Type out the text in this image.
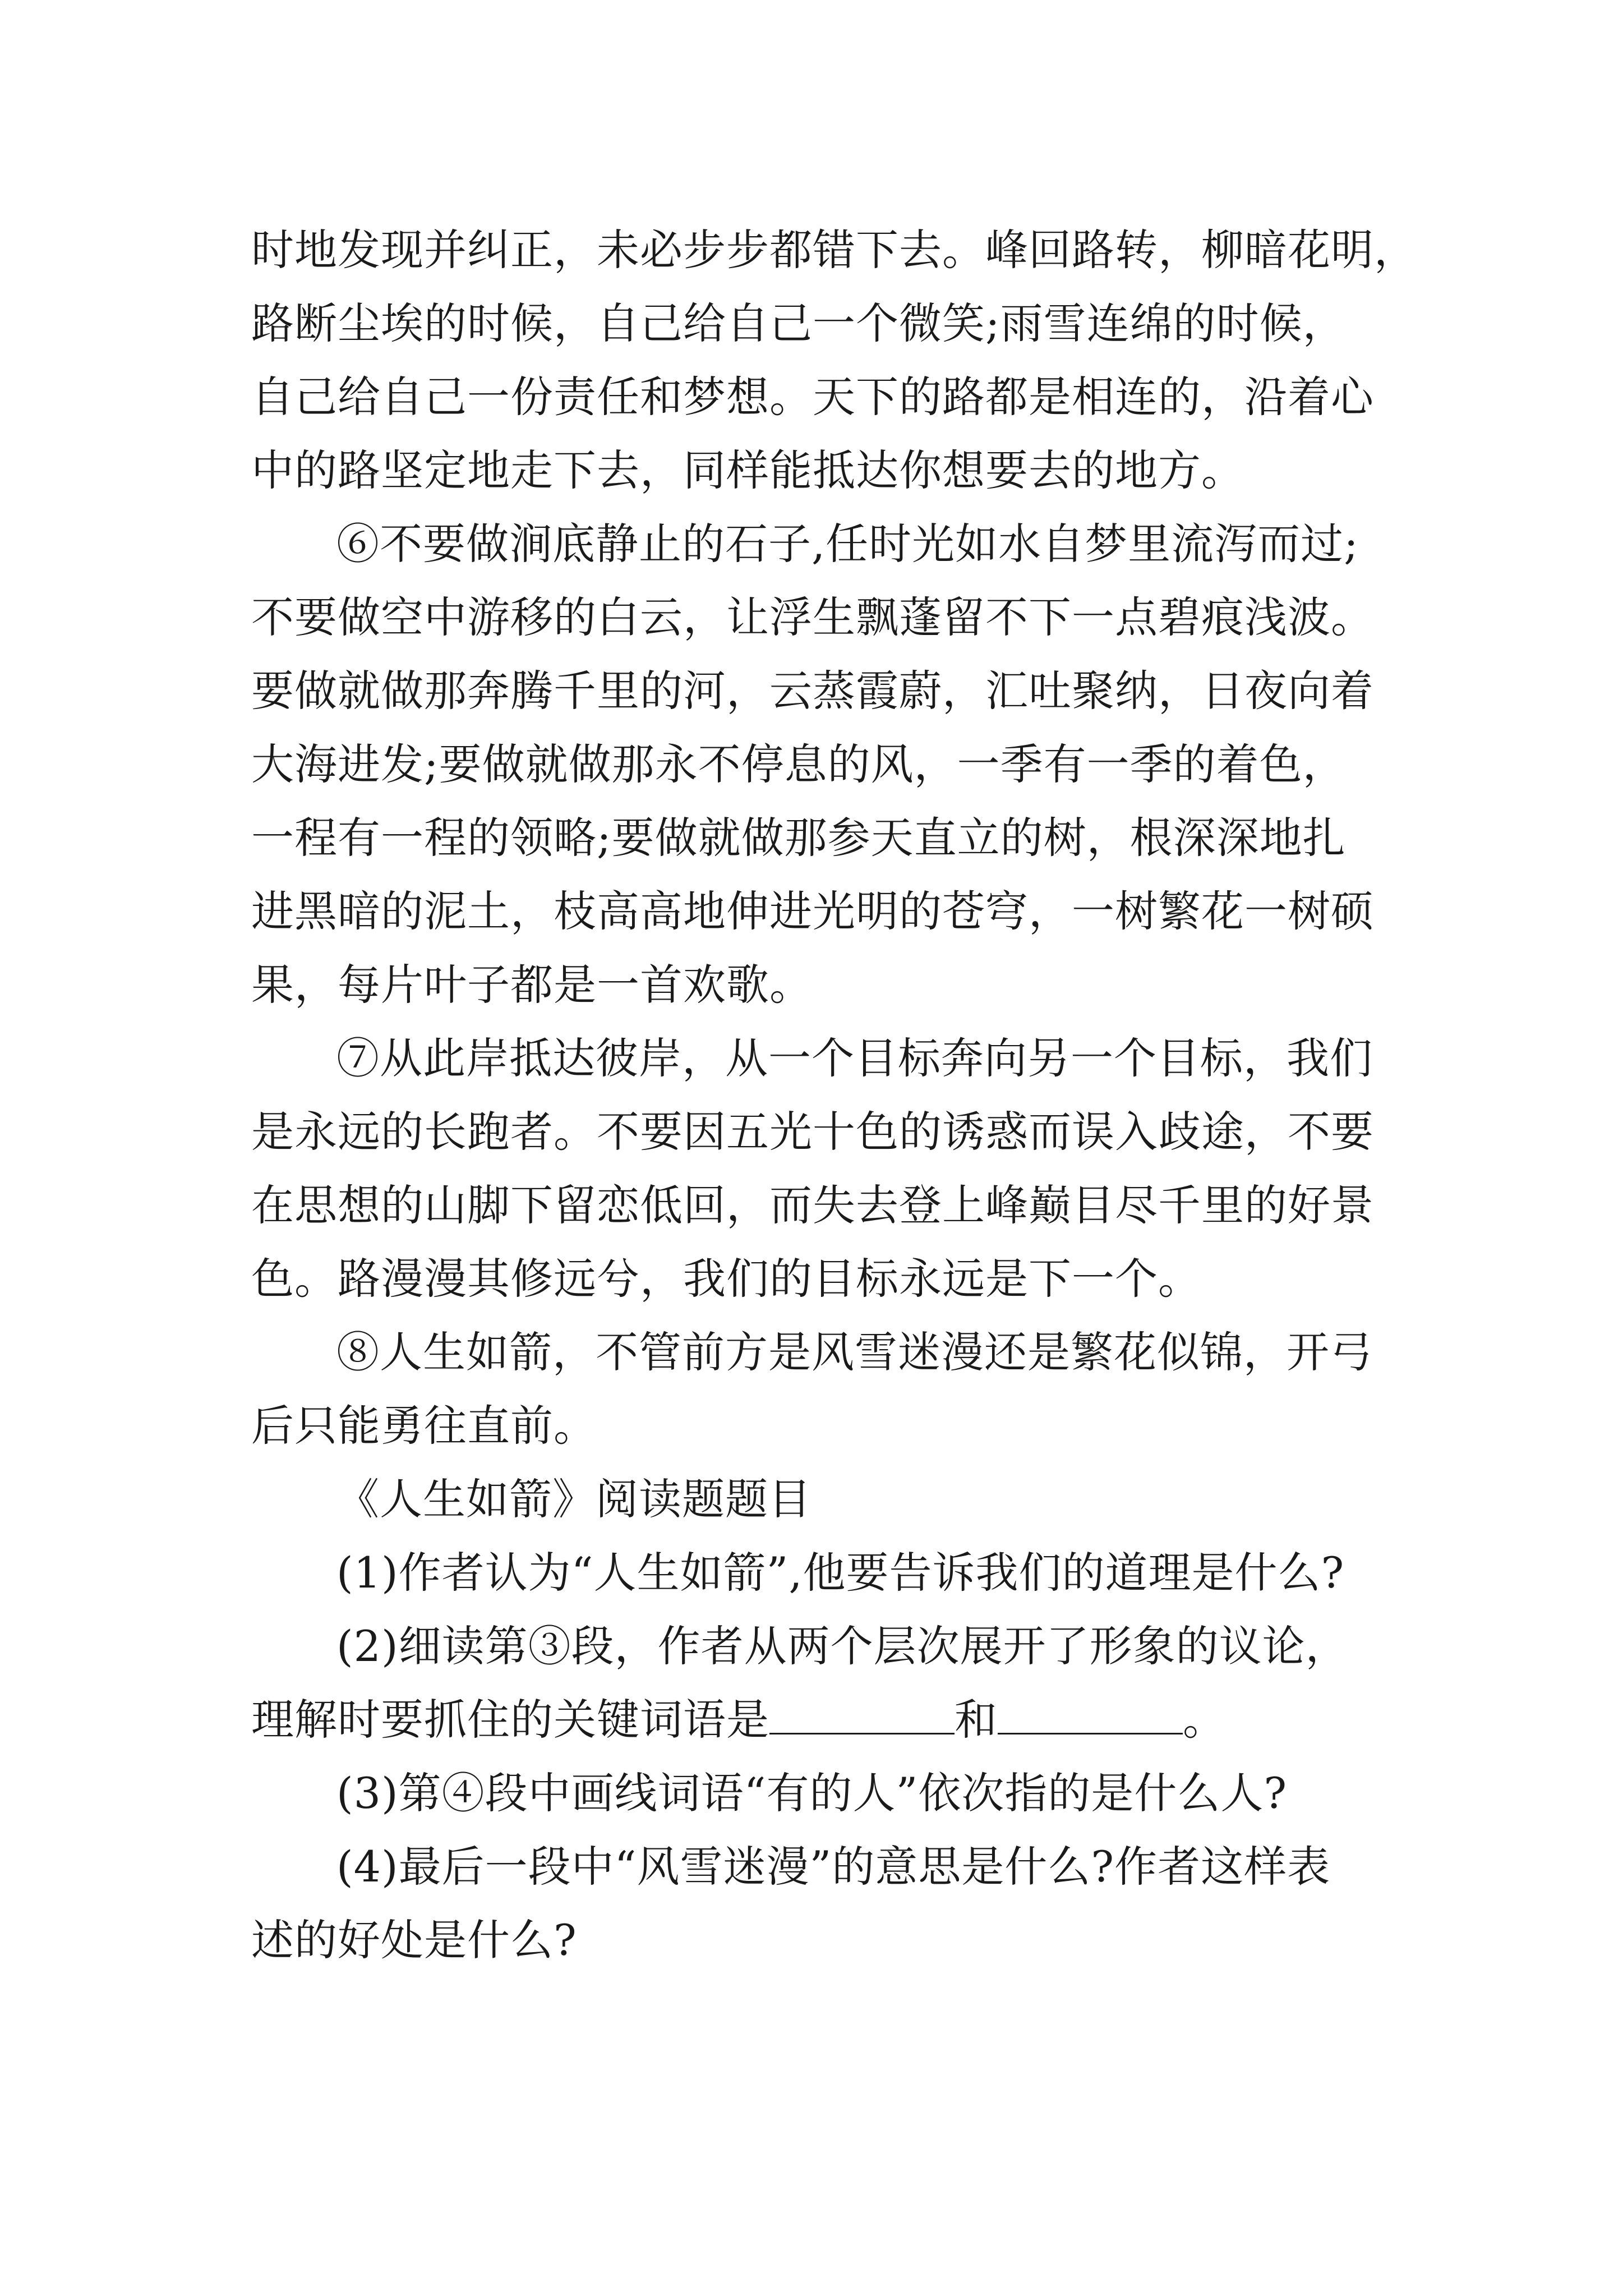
时地发现并纠正，未必步步都错下去。峰回路转，柳暗花明，
路断尘埃的时候，自己给自己一个微笑;雨雪连绵的时候，
自己给自己一份责任和梦想。天下的路都是相连的，沿着心
中的路坚定地走下去，同样能抵达你想要去的地方。
⑥不要做涧底静止的石子,任时光如水自梦里流泻而过;
不要做空中游移的白云，让浮生飘蓬留不下一点碧痕浅波。
要做就做那奔腾千里的河，云蒸霞蔚，汇吐聚纳，日夜向着
大海进发;要做就做那永不停息的风，一季有一季的着色，
一程有一程的领略;要做就做那参天直立的树，根深深地扎
进黑暗的泥土，枝高高地伸进光明的苍穹，一树繁花一树硕
果，每片叶子都是一首欢歌。
⑦从此岸抵达彼岸，从一个目标奔向另一个目标，我们
是永远的长跑者。不要因五光十色的诱惑而误入歧途，不要
在思想的山脚下留恋低回，而失去登上峰巅目尽千里的好景
色。路漫漫其修远兮，我们的目标永远是下一个。
⑧人生如箭，不管前方是风雪迷漫还是繁花似锦，开弓
后只能勇往直前。
《人生如箭》阅读题题目
(1)作者认为“人生如箭”,他要告诉我们的道理是什么?
(2)细读第③段，作者从两个层次展开了形象的议论，
理解时要抓住的关键词语是	和	。
(3)第④段中画线词语“有的人”依次指的是什么人?
(4)最后一段中“风雪迷漫”的意思是什么?作者这样表
述的好处是什么?
